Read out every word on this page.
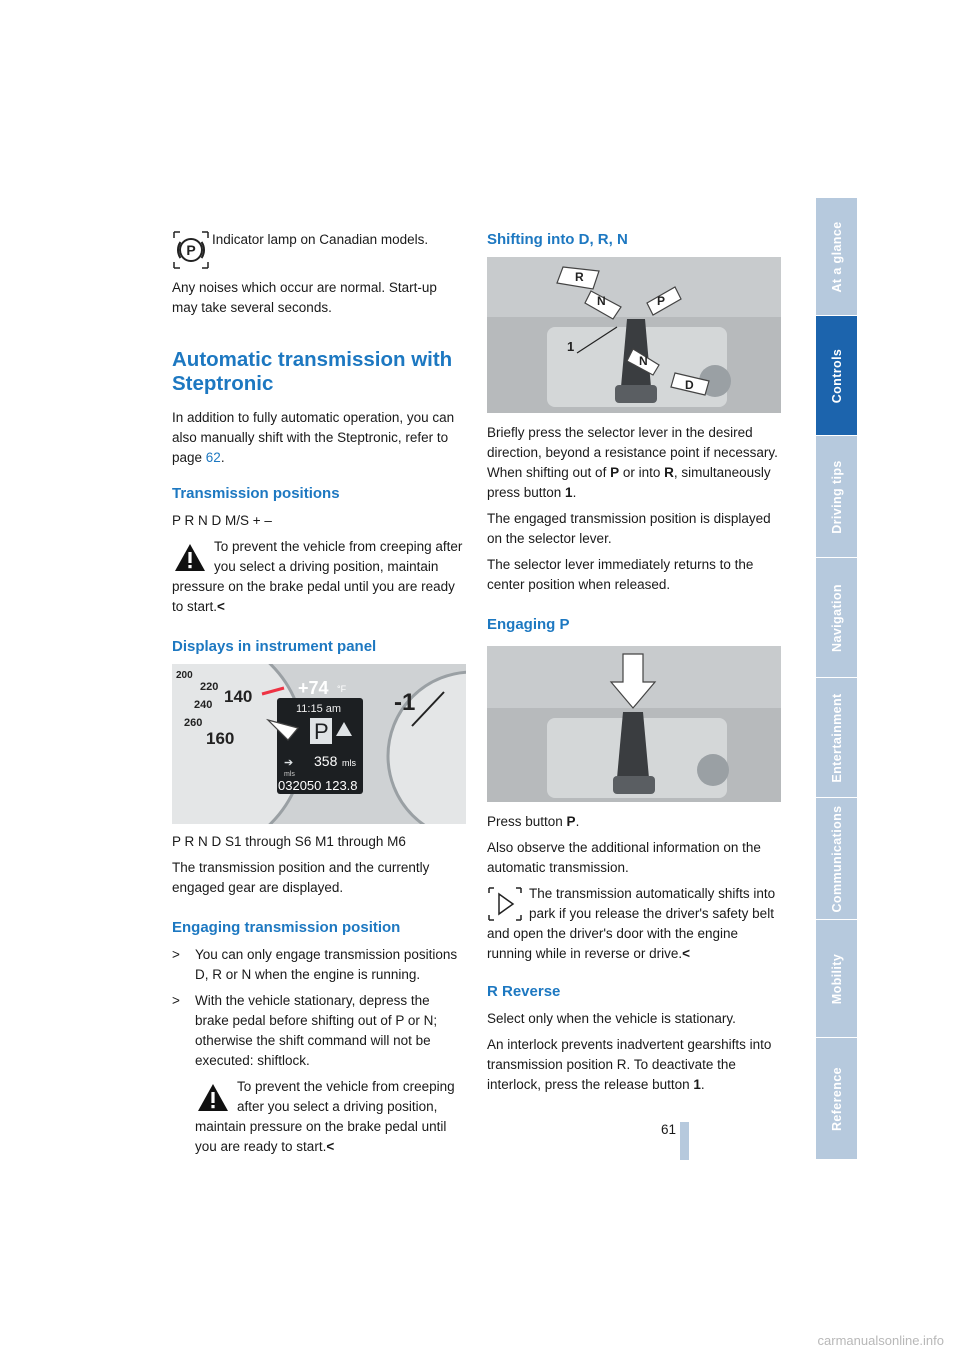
P

Indicator lamp on Canadian models.

Any noises which occur are normal. Start-up may take several seconds.

Automatic transmission with Steptronic

In addition to fully automatic operation, you can also manually shift with the Steptronic, refer to page 62.

Transmission positions

P R N D M/S + –

To prevent the vehicle from creeping after you select a driving position, maintain pressure on the brake pedal until you are ready to start.<
Displays in instrument panel
200
220
240
260
140
160
+74 °F
11:15 am
P
➔ 358 mls
mls
032050 123.8
-1

P R N D S1 through S6 M1 through M6

The transmission position and the currently engaged gear are displayed.

Engaging transmission position
> You can only engage transmission positions D, R or N when the engine is running.
> With the vehicle stationary, depress the brake pedal before shifting out of P or N; otherwise the shift command will not be executed: shiftlock.
To prevent the vehicle from creeping after you select a driving position, maintain pressure on the brake pedal until you are ready to start.<
Shifting into D, R, N
1
R
N	P
N
D

Briefly press the selector lever in the desired direction, beyond a resistance point if necessary. When shifting out of P or into R, simultaneously press button 1.

The engaged transmission position is displayed on the selector lever.

The selector lever immediately returns to the center position when released.

Engaging P

Press button P.

Also observe the additional information on the automatic transmission.

The transmission automatically shifts into park if you release the driver's safety belt and open the driver's door with the engine running while in reverse or drive.<
R Reverse

Select only when the vehicle is stationary.

An interlock prevents inadvertent gearshifts into transmission position R. To deactivate the interlock, press the release button 1.

At a glance
Controls
Driving tips
Navigation
Entertainment
Communications
Mobility
Reference
61
carmanualsonline.info
